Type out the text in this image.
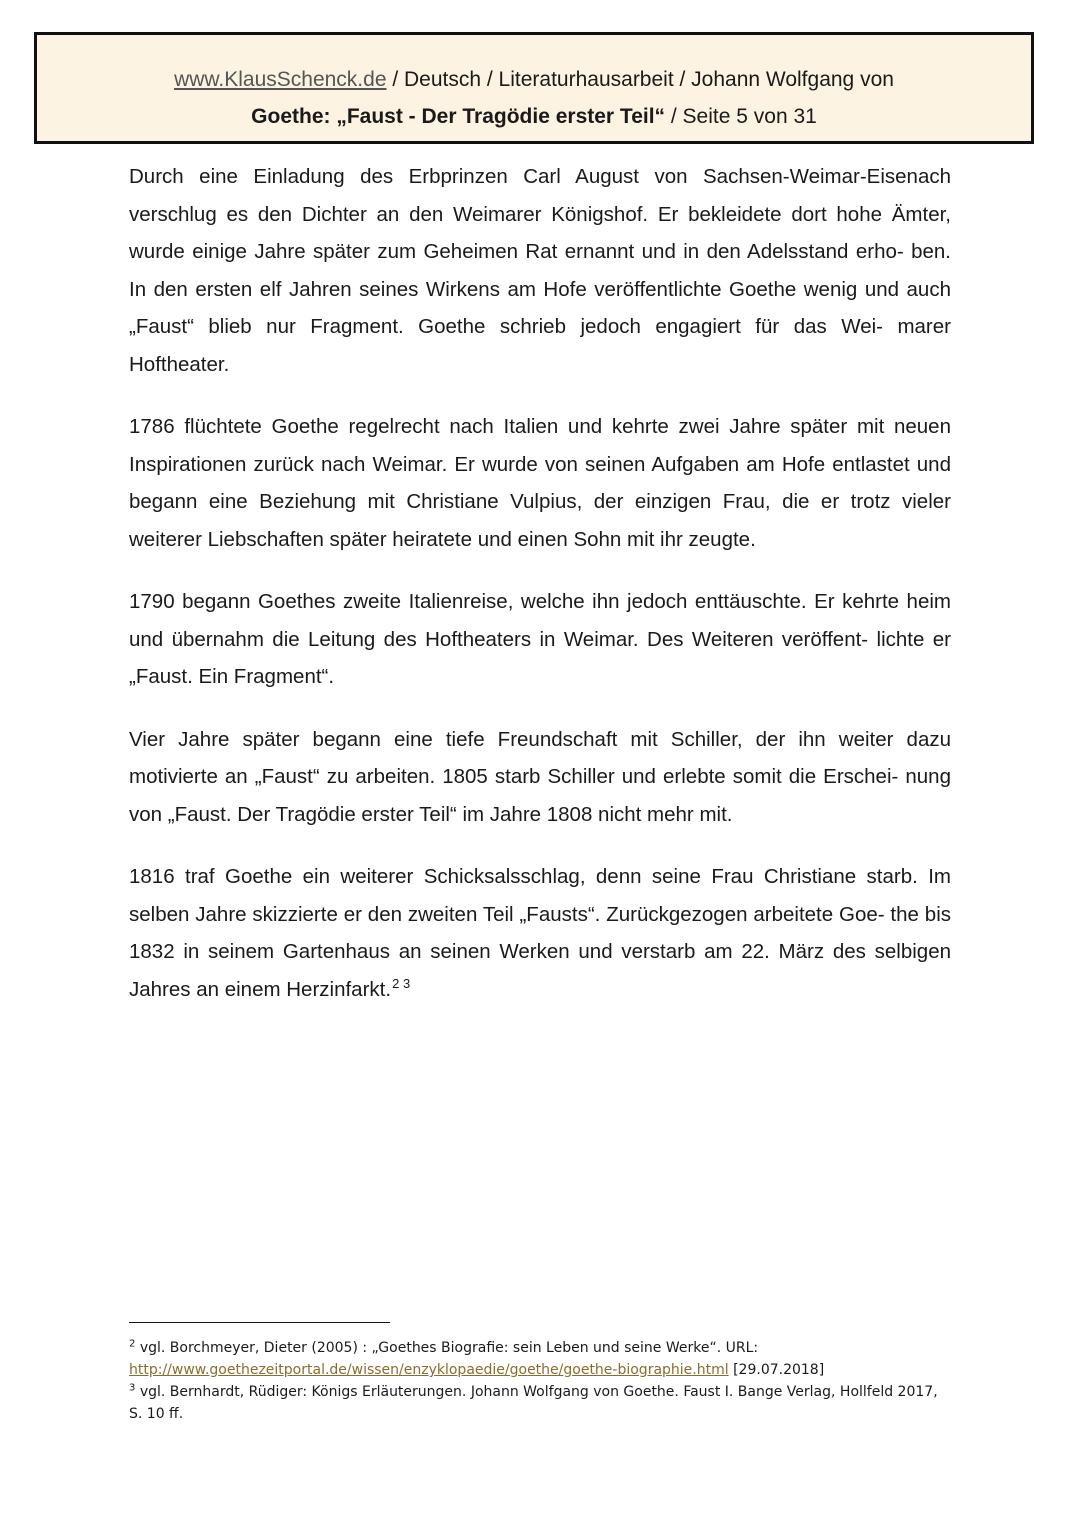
www.KlausSchenck.de / Deutsch / Literaturhausarbeit / Johann Wolfgang von
Goethe: „Faust - Der Tragödie erster Teil“ / Seite 5 von 31

Durch eine Einladung des Erbprinzen Carl August von Sachsen-Weimar-Eisenach verschlug es den Dichter an den Weimarer Königshof. Er bekleidete dort hohe Ämter, wurde einige Jahre später zum Geheimen Rat ernannt und in den Adelsstand erho- ben. In den ersten elf Jahren seines Wirkens am Hofe veröffentlichte Goethe wenig und auch „Faust“ blieb nur Fragment. Goethe schrieb jedoch engagiert für das Wei- marer Hoftheater.

1786 flüchtete Goethe regelrecht nach Italien und kehrte zwei Jahre später mit neuen Inspirationen zurück nach Weimar. Er wurde von seinen Aufgaben am Hofe entlastet und begann eine Beziehung mit Christiane Vulpius, der einzigen Frau, die er trotz vieler weiterer Liebschaften später heiratete und einen Sohn mit ihr zeugte.

1790 begann Goethes zweite Italienreise, welche ihn jedoch enttäuschte. Er kehrte heim und übernahm die Leitung des Hoftheaters in Weimar. Des Weiteren veröffent- lichte er „Faust. Ein Fragment“.

Vier Jahre später begann eine tiefe Freundschaft mit Schiller, der ihn weiter dazu motivierte an „Faust“ zu arbeiten. 1805 starb Schiller und erlebte somit die Erschei- nung von „Faust. Der Tragödie erster Teil“ im Jahre 1808 nicht mehr mit.

1816 traf Goethe ein weiterer Schicksalsschlag, denn seine Frau Christiane starb. Im selben Jahre skizzierte er den zweiten Teil „Fausts“. Zurückgezogen arbeitete Goe- the bis 1832 in seinem Gartenhaus an seinen Werken und verstarb am 22. März des selbigen Jahres an einem Herzinfarkt. $^{2 3}$

$^2$ vgl. Borchmeyer, Dieter (2005) : „Goethes Biografie: sein Leben und seine Werke“. URL:
http://www.goethezeitportal.de/wissen/enzyklopaedie/goethe/goethe-biographie.html [29.07.2018]

$^3$ vgl. Bernhardt, Rüdiger: Königs Erläuterungen. Johann Wolfgang von Goethe. Faust I. Bange Verlag, Hollfeld 2017, S. 10 ff.
